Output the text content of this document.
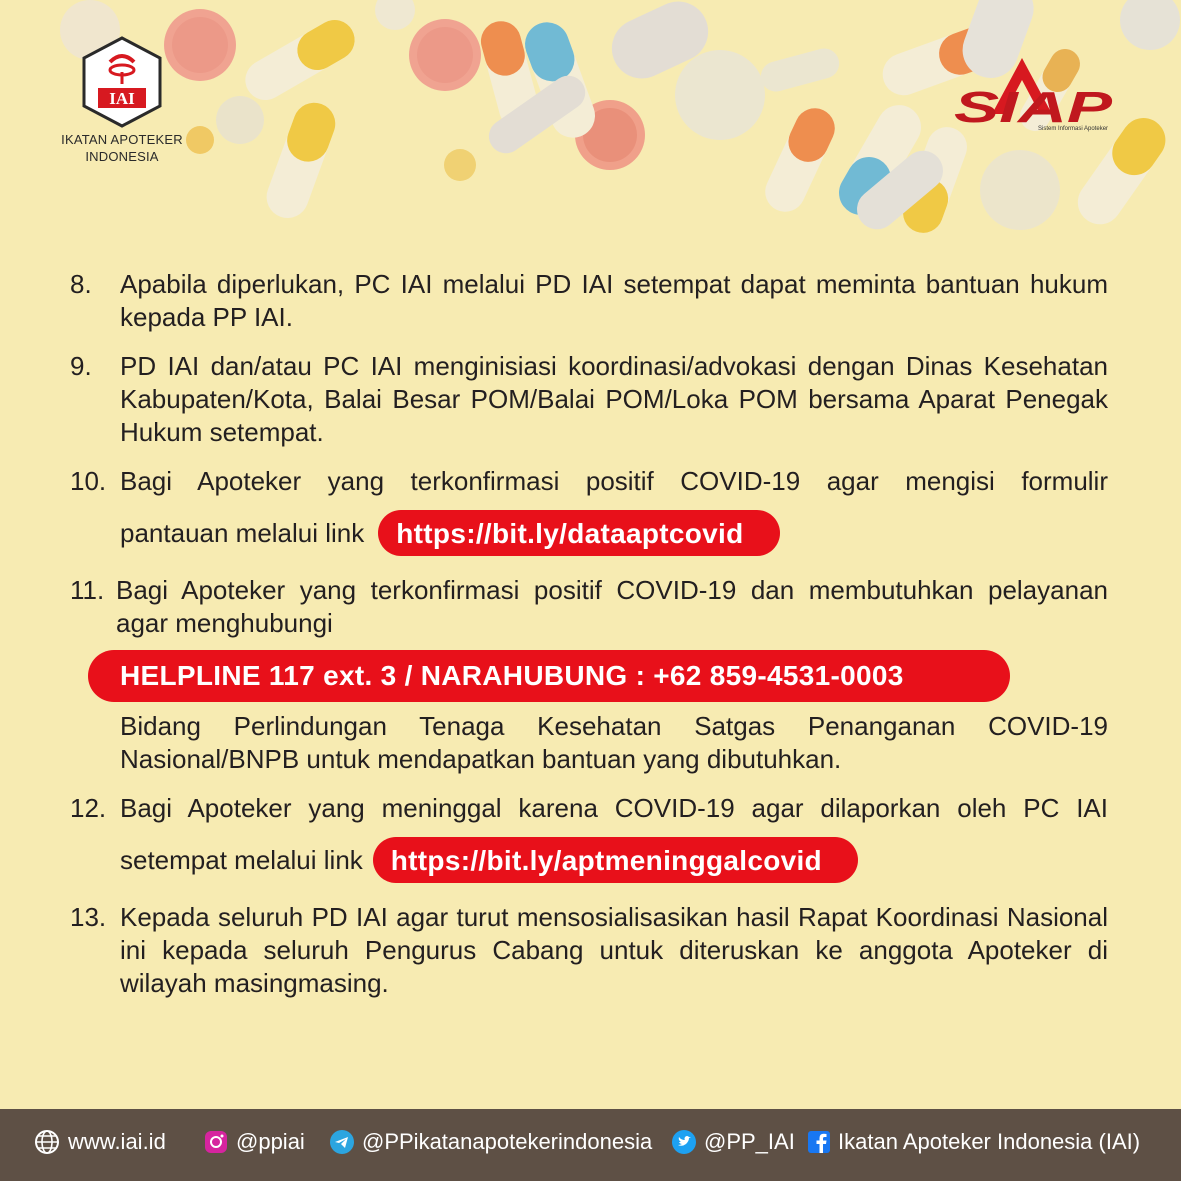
IAI
IKATAN APOTEKER
INDONESIA
SIAP
Sistem Informasi Apoteker
8. Apabila diperlukan, PC IAI melalui PD IAI setempat dapat meminta bantuan hukum kepada PP IAI.
9. PD IAI dan/atau PC IAI menginisiasi koordinasi/advokasi dengan Dinas Kesehatan Kabupaten/Kota, Balai Besar POM/Balai POM/Loka POM bersama Aparat Penegak Hukum setempat.
10. Bagi Apoteker yang terkonfirmasi positif COVID-19 agar mengisi formulir
pantauan melalui link	https://bit.ly/dataaptcovid
11. Bagi Apoteker yang terkonfirmasi positif COVID-19 dan membutuhkan pelayanan agar menghubungi
HELPLINE 117 ext. 3 / NARAHUBUNG : +62 859-4531-0003
Bidang Perlindungan Tenaga Kesehatan Satgas Penanganan COVID-19 Nasional/BNPB untuk mendapatkan bantuan yang dibutuhkan.
12. Bagi Apoteker yang meninggal karena COVID-19 agar dilaporkan oleh PC IAI
setempat melalui link	https://bit.ly/aptmeninggalcovid
13. Kepada seluruh PD IAI agar turut mensosialisasikan hasil Rapat Koordinasi Nasional ini kepada seluruh Pengurus Cabang untuk diteruskan ke anggota Apoteker di wilayah masingmasing.
www.iai.id	@ppiai	@PPikatanapotekerindonesia @PP_IAI Ikatan Apoteker Indonesia (IAI)
